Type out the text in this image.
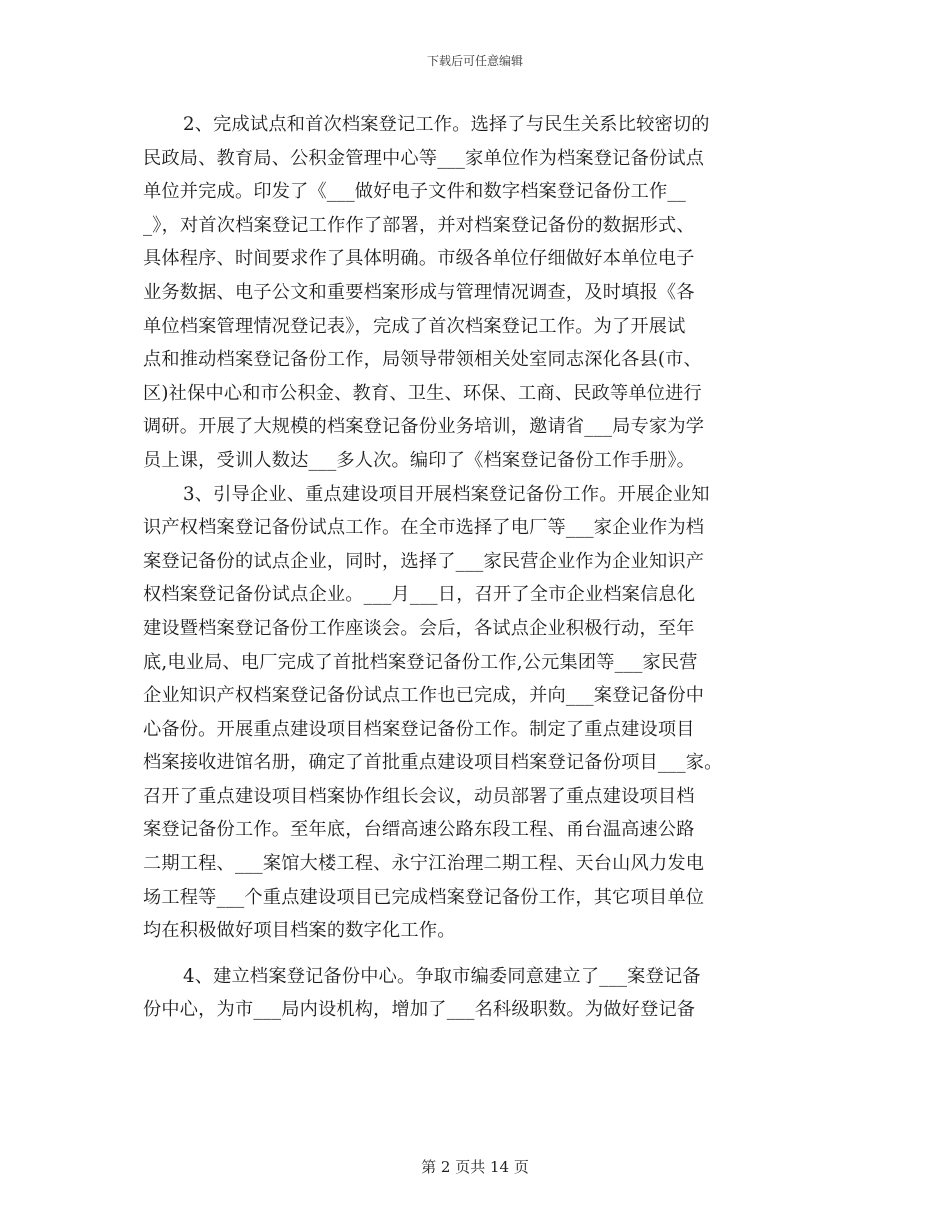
下载后可任意编辑
2、完成试点和首次档案登记工作。选择了与民生关系比较密切的
民政局、教育局、公积金管理中心等___家单位作为档案登记备份试点
单位并完成。印发了《___做好电子文件和数字档案登记备份工作__
_》，对首次档案登记工作作了部署，并对档案登记备份的数据形式、
具体程序、时间要求作了具体明确。市级各单位仔细做好本单位电子
业务数据、电子公文和重要档案形成与管理情况调查，及时填报《各
单位档案管理情况登记表》，完成了首次档案登记工作。为了开展试
点和推动档案登记备份工作，局领导带领相关处室同志深化各县(市、
区)社保中心和市公积金、教育、卫生、环保、工商、民政等单位进行
调研。开展了大规模的档案登记备份业务培训，邀请省___局专家为学
员上课，受训人数达___多人次。编印了《档案登记备份工作手册》。
3、引导企业、重点建设项目开展档案登记备份工作。开展企业知
识产权档案登记备份试点工作。在全市选择了电厂等___家企业作为档
案登记备份的试点企业，同时，选择了___家民营企业作为企业知识产
权档案登记备份试点企业。___月___日，召开了全市企业档案信息化
建设暨档案登记备份工作座谈会。会后，各试点企业积极行动，至年
底,电业局、电厂完成了首批档案登记备份工作,公元集团等___家民营
企业知识产权档案登记备份试点工作也已完成，并向___案登记备份中
心备份。开展重点建设项目档案登记备份工作。制定了重点建设项目
档案接收进馆名册，确定了首批重点建设项目档案登记备份项目___家。
召开了重点建设项目档案协作组长会议，动员部署了重点建设项目档
案登记备份工作。至年底，台缙高速公路东段工程、甬台温高速公路
二期工程、___案馆大楼工程、永宁江治理二期工程、天台山风力发电
场工程等___个重点建设项目已完成档案登记备份工作，其它项目单位
均在积极做好项目档案的数字化工作。
4、建立档案登记备份中心。争取市编委同意建立了___案登记备
份中心，为市___局内设机构，增加了___名科级职数。为做好登记备
第 2 页共 14 页
